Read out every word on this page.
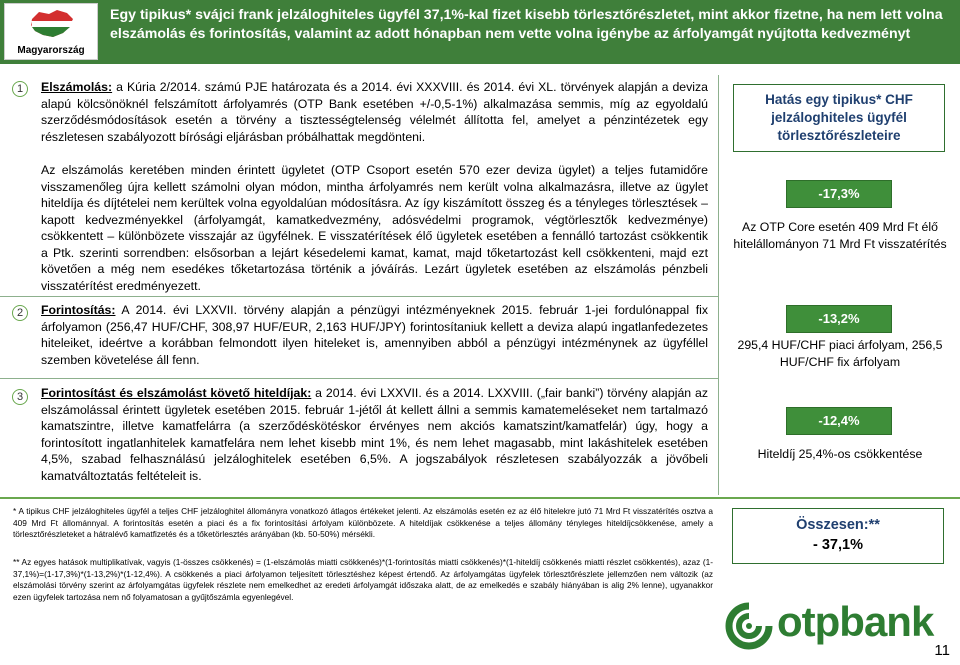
Magyarország
Egy tipikus* svájci frank jelzáloghiteles ügyfél 37,1%-kal fizet kisebb törlesztőrészletet, mint akkor fizetne, ha nem lett volna elszámolás és forintosítás, valamint az adott hónapban nem vette volna igénybe az árfolyamgát nyújtotta kedvezményt
1	Elszámolás: a Kúria 2/2014. számú PJE határozata és a 2014. évi XXXVIII. és 2014. évi XL. törvények alapján a deviza alapú kölcsönöknél felszámított árfolyamrés (OTP Bank esetében +/-0,5-1%) alkalmazása semmis, míg az egyoldalú szerződésmódosítások esetén a törvény a tisztességtelenség vélelmét állította fel, amelyet a pénzintézetek egy részletesen szabályozott bírósági eljárásban próbálhattak megdönteni.
Az elszámolás keretében minden érintett ügyletet (OTP Csoport esetén 570 ezer deviza ügylet) a teljes futamidőre visszamenőleg újra kellett számolni olyan módon, mintha árfolyamrés nem került volna alkalmazásra, illetve az ügylet hiteldíja és díjtételei nem kerültek volna egyoldalúan módosításra. Az így kiszámított összeg és a tényleges törlesztések – kapott kedvezményekkel (árfolyamgát, kamatkedvezmény, adósvédelmi programok, végtörlesztők kedvezménye) csökkentett – különbözete visszajár az ügyfélnek. E visszatérítések élő ügyletek esetében a fennálló tartozást csökkentik a Ptk. szerinti sorrendben: elsősorban a lejárt késedelemi kamat, kamat, majd tőketartozást kell csökkenteni, majd ezt követően a még nem esedékes tőketartozása történik a jóváírás. Lezárt ügyletek esetében az elszámolás pénzbeli visszatérítést eredményezett.
2	Forintosítás: A 2014. évi LXXVII. törvény alapján a pénzügyi intézményeknek 2015. február 1-jei fordulónappal fix árfolyamon (256,47 HUF/CHF, 308,97 HUF/EUR, 2,163 HUF/JPY) forintosítaniuk kellett a deviza alapú ingatlanfedezetes hiteleiket, ideértve a korábban felmondott ilyen hiteleket is, amennyiben abból a pénzügyi intézménynek az ügyféllel szemben követelése áll fenn.
3	Forintosítást és elszámolást követő hiteldíjak: a 2014. évi LXXVII. és a 2014. LXXVIII. („fair banki”) törvény alapján az elszámolással érintett ügyletek esetében 2015. február 1-jétől át kellett állni a semmis kamatemeléseket nem tartalmazó kamatszintre, illetve kamatfelárra (a szerződéskötéskor érvényes nem akciós kamatszint/kamatfelár) úgy, hogy a forintosított ingatlanhitelek kamatfelára nem lehet kisebb mint 1%, és nem lehet magasabb, mint lakáshitelek esetében 4,5%, szabad felhasználású jelzáloghitelek esetében 6,5%. A jogszabályok részletesen szabályozzák a jövőbeli kamatváltoztatás feltételeit is.
Hatás egy tipikus* CHF jelzáloghiteles ügyfél törlesztőrészleteire
-17,3%
Az OTP Core esetén 409 Mrd Ft élő hitelállományon 71 Mrd Ft visszatérítés
-13,2%
295,4 HUF/CHF piaci árfolyam, 256,5 HUF/CHF fix árfolyam
-12,4%
Hiteldíj 25,4%-os csökkentése
* A tipikus CHF jelzáloghiteles ügyfél a teljes CHF jelzáloghitel állományra vonatkozó átlagos értékeket jelenti. Az elszámolás esetén ez az élő hitelekre jutó 71 Mrd Ft visszatérítés osztva a 409 Mrd Ft állománnyal. A forintosítás esetén a piaci és a fix forintosítási árfolyam különbözete. A hiteldíjak csökkenése a teljes állomány tényleges hiteldíjcsökkenése, amely a törlesztőrészleteket a hátralévő kamatfizetés és a tőketörlesztés arányában (kb. 50-50%) mérsékli.
** Az egyes hatások multiplikatívak, vagyis (1-összes csökkenés) = (1-elszámolás miatti csökkenés)*(1-forintosítás miatti csökkenés)*(1-hiteldíj csökkenés miatti részlet csökkentés), azaz (1-37,1%)=(1-17,3%)*(1-13,2%)*(1-12,4%). A csökkenés a piaci árfolyamon teljesített törlesztéshez képest értendő. Az árfolyamgátas ügyfelek törlesztőrészlete jellemzően nem változik (az elszámolási törvény szerint az árfolyamgátas ügyfelek részlete nem emelkedhet az eredeti árfolyamgát időszaka alatt, de az emelkedés e szabály hiányában is alig 2% lenne), ugyanakkor ezen ügyfelek tartozása nem nő folyamatosan a gyűjtőszámla egyenlegével.
Összesen:**
- 37,1%
otpbank
11
